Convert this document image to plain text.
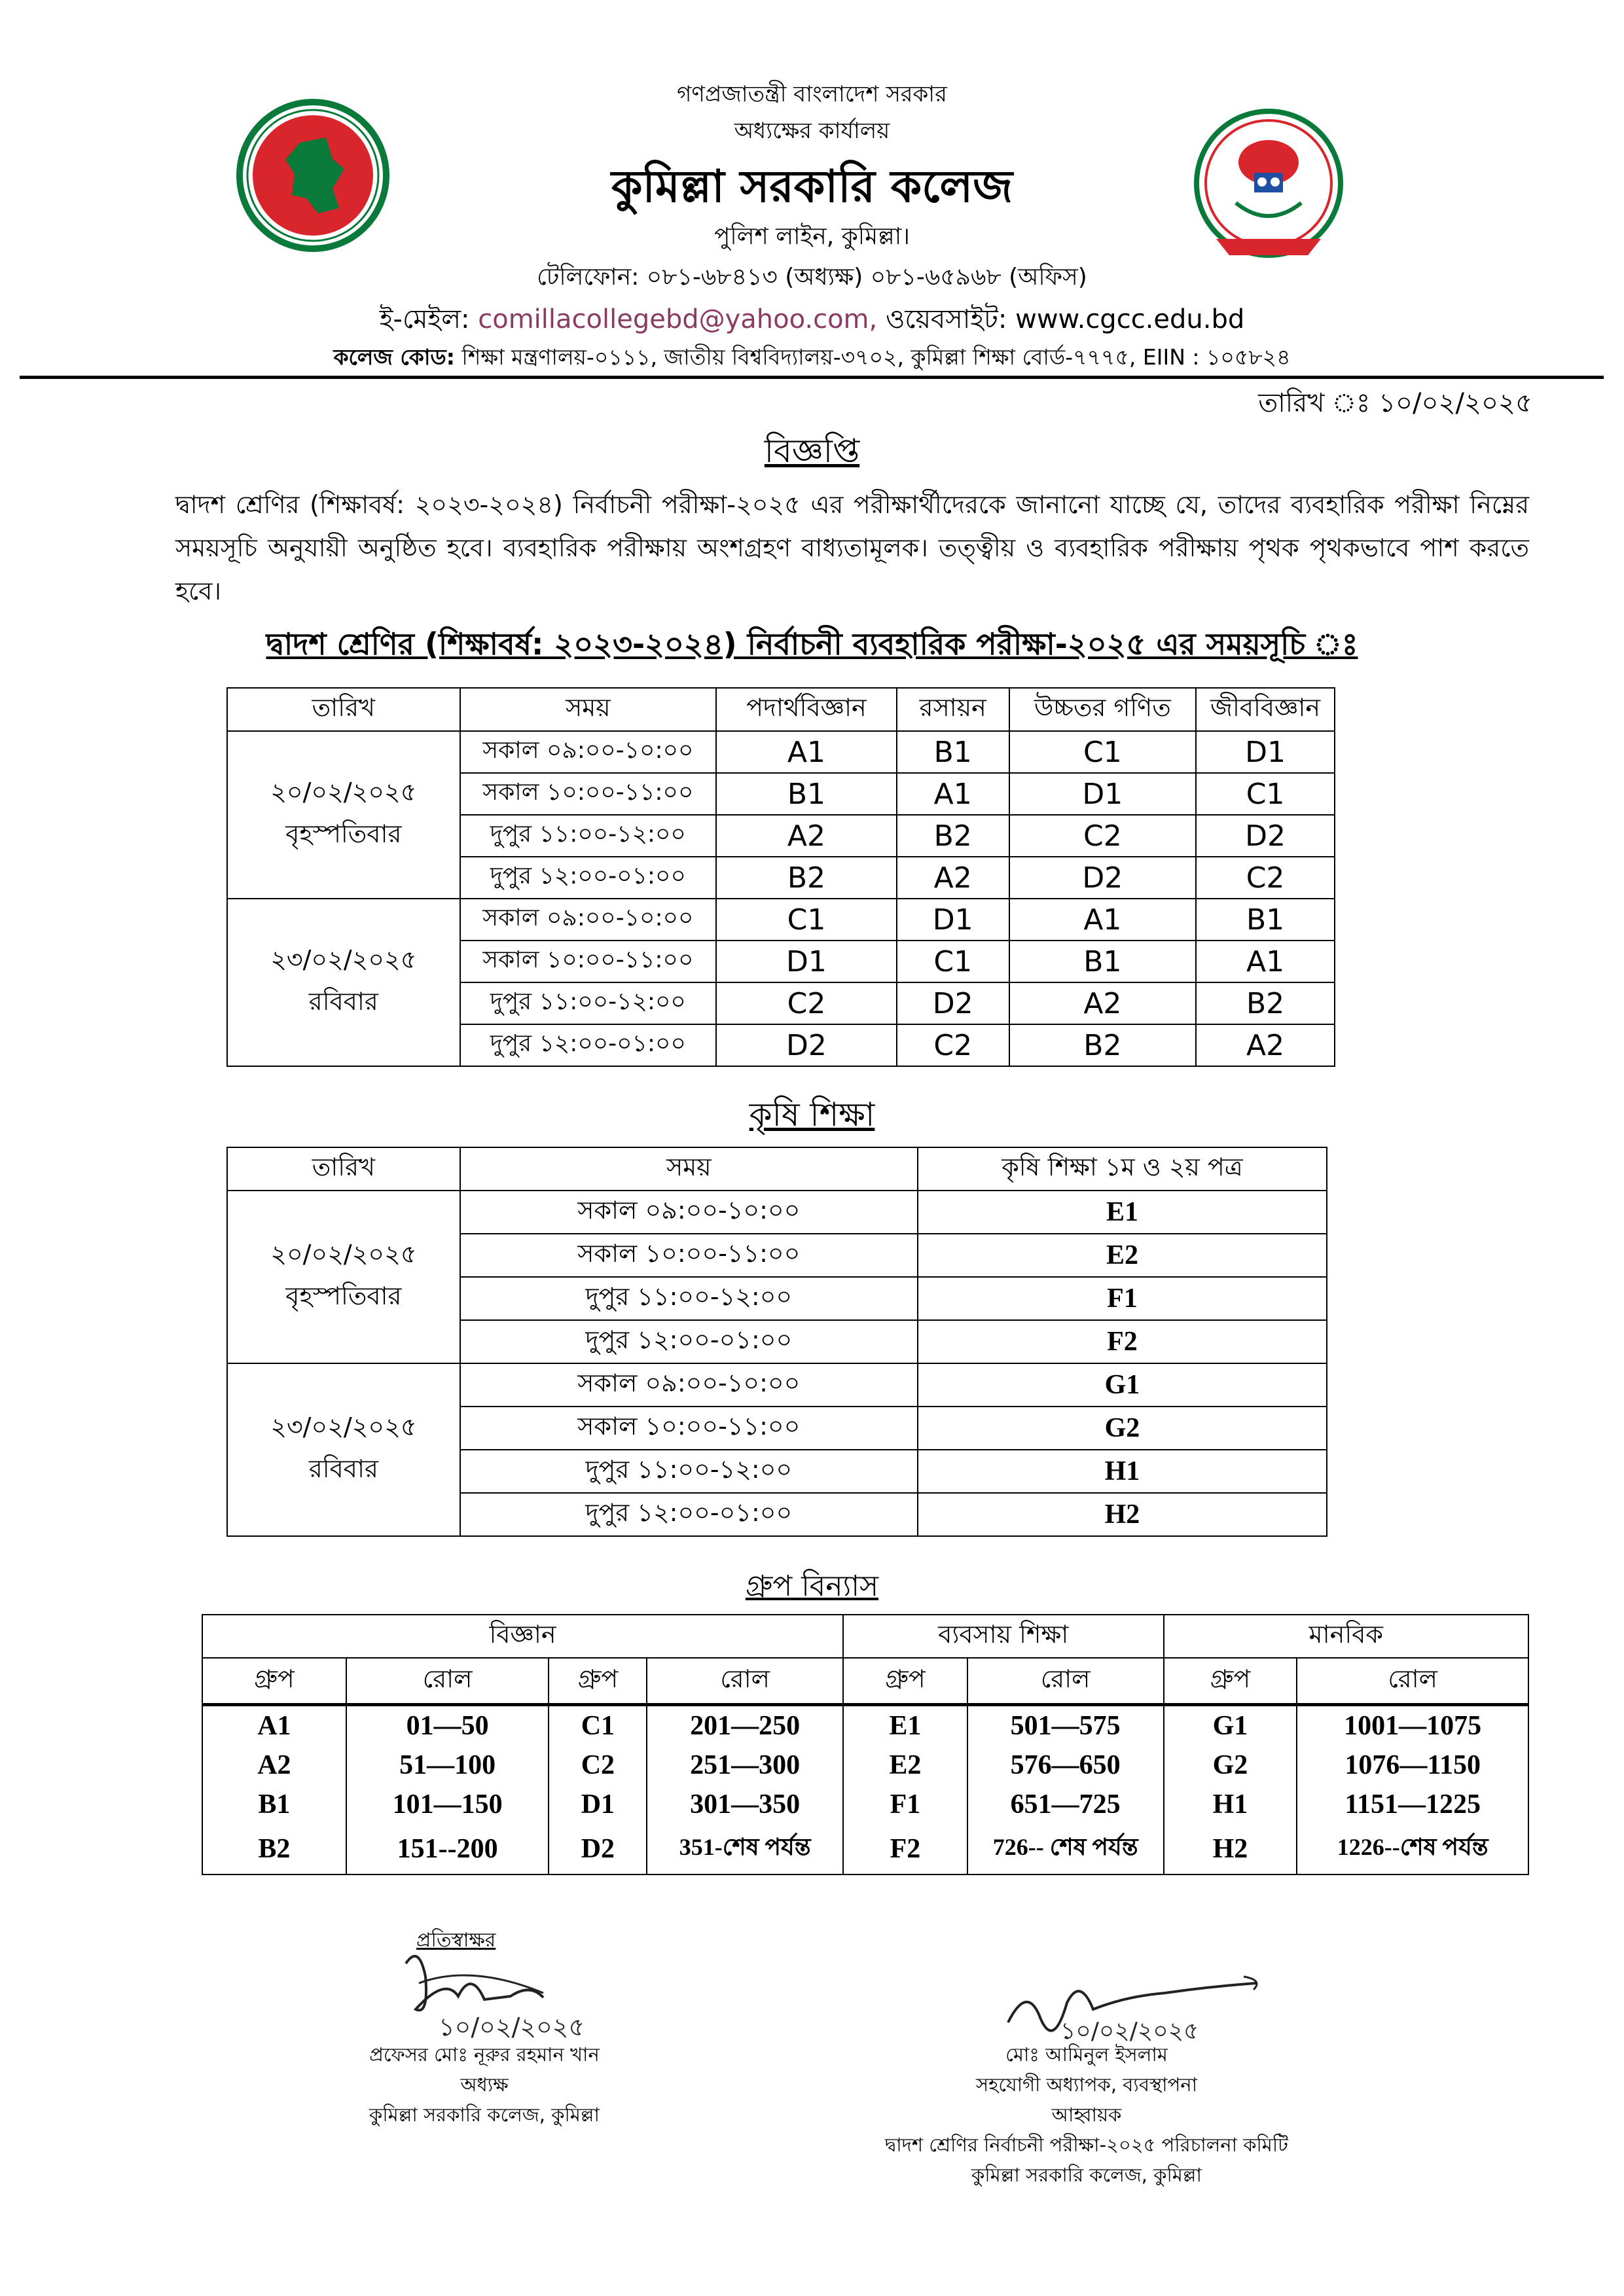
গণপ্রজাতন্ত্রী বাংলাদেশ সরকার
অধ্যক্ষের কার্যালয়
কুমিল্লা সরকারি কলেজ
পুলিশ লাইন, কুমিল্লা।
টেলিফোন: ০৮১-৬৮৪১৩ (অধ্যক্ষ) ০৮১-৬৫৯৬৮ (অফিস)
ই-মেইল: comillacollegebd@yahoo.com, ওয়েবসাইট: www.cgcc.edu.bd
কলেজ কোড: শিক্ষা মন্ত্রণালয়-০১১১, জাতীয় বিশ্ববিদ্যালয়-৩৭০২, কুমিল্লা শিক্ষা বোর্ড-৭৭৭৫, EIIN : ১০৫৮২৪
তারিখ ঃ ১০/০২/২০২৫
বিজ্ঞপ্তি
দ্বাদশ শ্রেণির (শিক্ষাবর্ষ: ২০২৩-২০২৪) নির্বাচনী পরীক্ষা-২০২৫ এর পরীক্ষার্থীদেরকে জানানো যাচ্ছে যে, তাদের ব্যবহারিক পরীক্ষা নিম্নের সময়সূচি অনুযায়ী অনুষ্ঠিত হবে। ব্যবহারিক পরীক্ষায় অংশগ্রহণ বাধ্যতামূলক। তত্ত্বীয় ও ব্যবহারিক পরীক্ষায় পৃথক পৃথকভাবে পাশ করতে হবে।
দ্বাদশ শ্রেণির (শিক্ষাবর্ষ: ২০২৩-২০২৪) নির্বাচনী ব্যবহারিক পরীক্ষা-২০২৫ এর সময়সূচি ঃ
তারিখ	সময়	পদার্থবিজ্ঞান	রসায়ন	উচ্চতর গণিত	জীববিজ্ঞান

২০/০২/২০২৫
বৃহস্পতিবার	সকাল ০৯:০০-১০:০০	A1	B1	C1	D1
	সকাল ১০:০০-১১:০০	B1	A1	D1	C1
	দুপুর ১১:০০-১২:০০	A2	B2	C2	D2
	দুপুর ১২:০০-০১:০০	B2	A2	D2	C2

২৩/০২/২০২৫
রবিবার	সকাল ০৯:০০-১০:০০	C1	D1	A1	B1
	সকাল ১০:০০-১১:০০	D1	C1	B1	A1
	দুপুর ১১:০০-১২:০০	C2	D2	A2	B2
	দুপুর ১২:০০-০১:০০	D2	C2	B2	A2
কৃষি শিক্ষা
তারিখ	সময়	কৃষি শিক্ষা ১ম ও ২য় পত্র

২০/০২/২০২৫
বৃহস্পতিবার	সকাল ০৯:০০-১০:০০	E1
	সকাল ১০:০০-১১:০০	E2
	দুপুর ১১:০০-১২:০০	F1
	দুপুর ১২:০০-০১:০০	F2

২৩/০২/২০২৫
রবিবার	সকাল ০৯:০০-১০:০০	G1
	সকাল ১০:০০-১১:০০	G2
	দুপুর ১১:০০-১২:০০	H1
	দুপুর ১২:০০-০১:০০	H2
গ্রুপ বিন্যাস
বিজ্ঞান				ব্যবসায় শিক্ষা		মানবিক	
গ্রুপ	রোল	গ্রুপ	রোল	গ্রুপ	রোল	গ্রুপ	রোল
A1	01—50	C1	201—250	E1	501—575	G1	1001—1075
A2	51—100	C2	251—300	E2	576—650	G2	1076—1150
B1	101—150	D1	301—350	F1	651—725	H1	1151—1225
B2	151--200	D2	351-শেষ পর্যন্ত	F2	726-- শেষ পর্যন্ত	H2	1226--শেষ পর্যন্ত
প্রতিস্বাক্ষর
১০/০২/২০২৫	১০/০২/২০২৫
প্রফেসর মোঃ নূরুর রহমান খান
অধ্যক্ষ
কুমিল্লা সরকারি কলেজ, কুমিল্লা
মোঃ আমিনুল ইসলাম
সহযোগী অধ্যাপক, ব্যবস্থাপনা
আহ্বায়ক
দ্বাদশ শ্রেণির নির্বাচনী পরীক্ষা-২০২৫ পরিচালনা কমিটি
কুমিল্লা সরকারি কলেজ, কুমিল্লা
